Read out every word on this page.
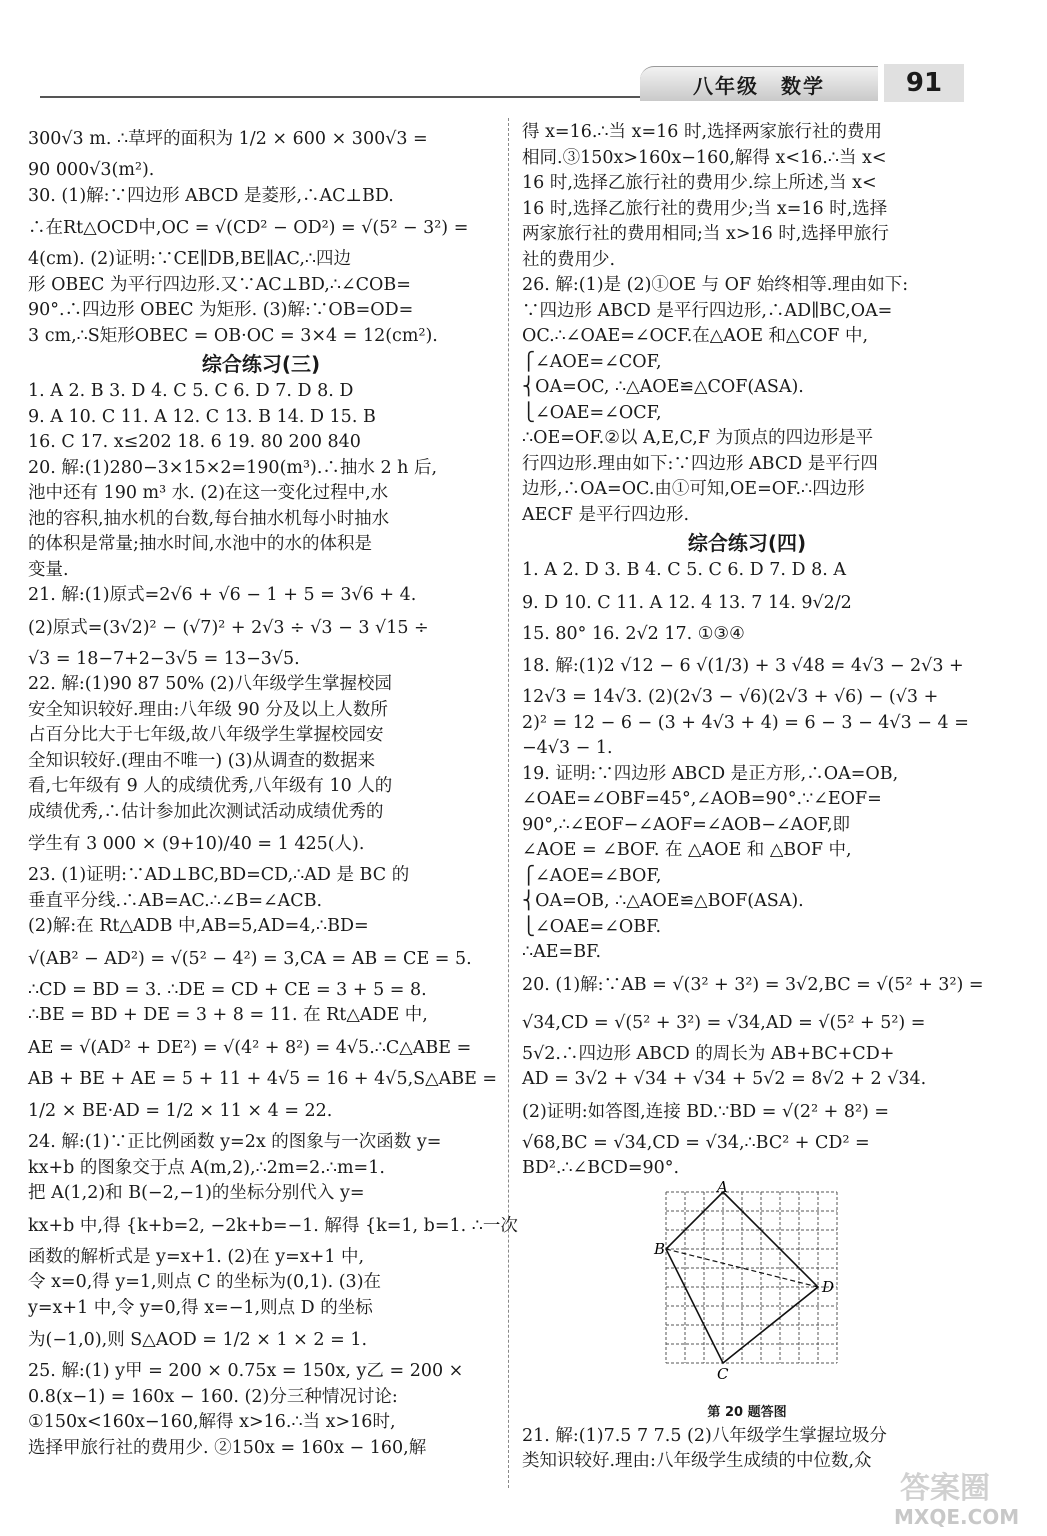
八年级 数学	91
300√3 m. ∴草坪的面积为 1/2 × 600 × 300√3 =
90 000√3(m²).
30. (1)解:∵四边形 ABCD 是菱形,∴AC⊥BD.
∴在Rt△OCD中,OC = √(CD² − OD²) = √(5² − 3²) =
4(cm). (2)证明:∵CE∥DB,BE∥AC,∴四边
形 OBEC 为平行四边形.又∵AC⊥BD,∴∠COB=
90°.∴四边形 OBEC 为矩形. (3)解:∵OB=OD=
3 cm,∴S矩形OBEC = OB·OC = 3×4 = 12(cm²).
综合练习(三)
1. A 2. B 3. D 4. C 5. C 6. D 7. D 8. D
9. A 10. C 11. A 12. C 13. B 14. D 15. B
16. C 17. x≤202 18. 6 19. 80 200 840
20. 解:(1)280−3×15×2=190(m³).∴抽水 2 h 后,
池中还有 190 m³ 水. (2)在这一变化过程中,水
池的容积,抽水机的台数,每台抽水机每小时抽水
的体积是常量;抽水时间,水池中的水的体积是
变量.
21. 解:(1)原式=2√6 + √6 − 1 + 5 = 3√6 + 4.
(2)原式=(3√2)² − (√7)² + 2√3 ÷ √3 − 3 √15 ÷
√3 = 18−7+2−3√5 = 13−3√5.
22. 解:(1)90 87 50% (2)八年级学生掌握校园
安全知识较好.理由:八年级 90 分及以上人数所
占百分比大于七年级,故八年级学生掌握校园安
全知识较好.(理由不唯一) (3)从调查的数据来
看,七年级有 9 人的成绩优秀,八年级有 10 人的
成绩优秀,∴估计参加此次测试活动成绩优秀的
学生有 3 000 × (9+10)/40 = 1 425(人).
23. (1)证明:∵AD⊥BC,BD=CD,∴AD 是 BC 的
垂直平分线.∴AB=AC.∴∠B=∠ACB.
(2)解:在 Rt△ADB 中,AB=5,AD=4,∴BD=
√(AB² − AD²) = √(5² − 4²) = 3,CA = AB = CE = 5.
∴CD = BD = 3. ∴DE = CD + CE = 3 + 5 = 8.
∴BE = BD + DE = 3 + 8 = 11. 在 Rt△ADE 中,
AE = √(AD² + DE²) = √(4² + 8²) = 4√5.∴C△ABE =
AB + BE + AE = 5 + 11 + 4√5 = 16 + 4√5,S△ABE =
1/2 × BE·AD = 1/2 × 11 × 4 = 22.
24. 解:(1)∵正比例函数 y=2x 的图象与一次函数 y=
kx+b 的图象交于点 A(m,2),∴2m=2.∴m=1.
把 A(1,2)和 B(−2,−1)的坐标分别代入 y=
kx+b 中,得 {k+b=2, −2k+b=−1. 解得 {k=1, b=1. ∴一次
函数的解析式是 y=x+1. (2)在 y=x+1 中,
令 x=0,得 y=1,则点 C 的坐标为(0,1). (3)在
y=x+1 中,令 y=0,得 x=−1,则点 D 的坐标
为(−1,0),则 S△AOD = 1/2 × 1 × 2 = 1.
25. 解:(1) y甲 = 200 × 0.75x = 150x, y乙 = 200 ×
0.8(x−1) = 160x − 160. (2)分三种情况讨论:
①150x<160x−160,解得 x>16.∴当 x>16时,
选择甲旅行社的费用少. ②150x = 160x − 160,解
得 x=16.∴当 x=16 时,选择两家旅行社的费用
相同.③150x>160x−160,解得 x<16.∴当 x<
16 时,选择乙旅行社的费用少.综上所述,当 x<
16 时,选择乙旅行社的费用少;当 x=16 时,选择
两家旅行社的费用相同;当 x>16 时,选择甲旅行
社的费用少.
26. 解:(1)是 (2)①OE 与 OF 始终相等.理由如下:
∵四边形 ABCD 是平行四边形,∴AD∥BC,OA=
OC.∴∠OAE=∠OCF.在△AOE 和△COF 中,
⎧∠AOE=∠COF,
⎨OA=OC, ∴△AOE≌△COF(ASA).
⎩∠OAE=∠OCF,
∴OE=OF.②以 A,E,C,F 为顶点的四边形是平
行四边形.理由如下:∵四边形 ABCD 是平行四
边形,∴OA=OC.由①可知,OE=OF.∴四边形
AECF 是平行四边形.
综合练习(四)
1. A 2. D 3. B 4. C 5. C 6. D 7. D 8. A
9. D 10. C 11. A 12. 4 13. 7 14. 9√2/2
15. 80° 16. 2√2 17. ①③④
18. 解:(1)2 √12 − 6 √(1/3) + 3 √48 = 4√3 − 2√3 +
12√3 = 14√3. (2)(2√3 − √6)(2√3 + √6) − (√3 +
2)² = 12 − 6 − (3 + 4√3 + 4) = 6 − 3 − 4√3 − 4 =
−4√3 − 1.
19. 证明:∵四边形 ABCD 是正方形,∴OA=OB,
∠OAE=∠OBF=45°,∠AOB=90°.∵∠EOF=
90°,∴∠EOF−∠AOF=∠AOB−∠AOF,即
∠AOE = ∠BOF. 在 △AOE 和 △BOF 中,
⎧∠AOE=∠BOF,
⎨OA=OB, ∴△AOE≌△BOF(ASA).
⎩∠OAE=∠OBF.
∴AE=BF.
20. (1)解:∵AB = √(3² + 3²) = 3√2,BC = √(5² + 3²) =
√34,CD = √(5² + 3²) = √34,AD = √(5² + 5²) =
5√2.∴四边形 ABCD 的周长为 AB+BC+CD+
AD = 3√2 + √34 + √34 + 5√2 = 8√2 + 2 √34.
(2)证明:如答图,连接 BD.∵BD = √(2² + 8²) =
√68,BC = √34,CD = √34,∴BC² + CD² =
BD².∴∠BCD=90°.
A
B
C
D
第 20 题答图
21. 解:(1)7.5 7 7.5 (2)八年级学生掌握垃圾分
类知识较好.理由:八年级学生成绩的中位数,众
答案圈
MXQE.COM
